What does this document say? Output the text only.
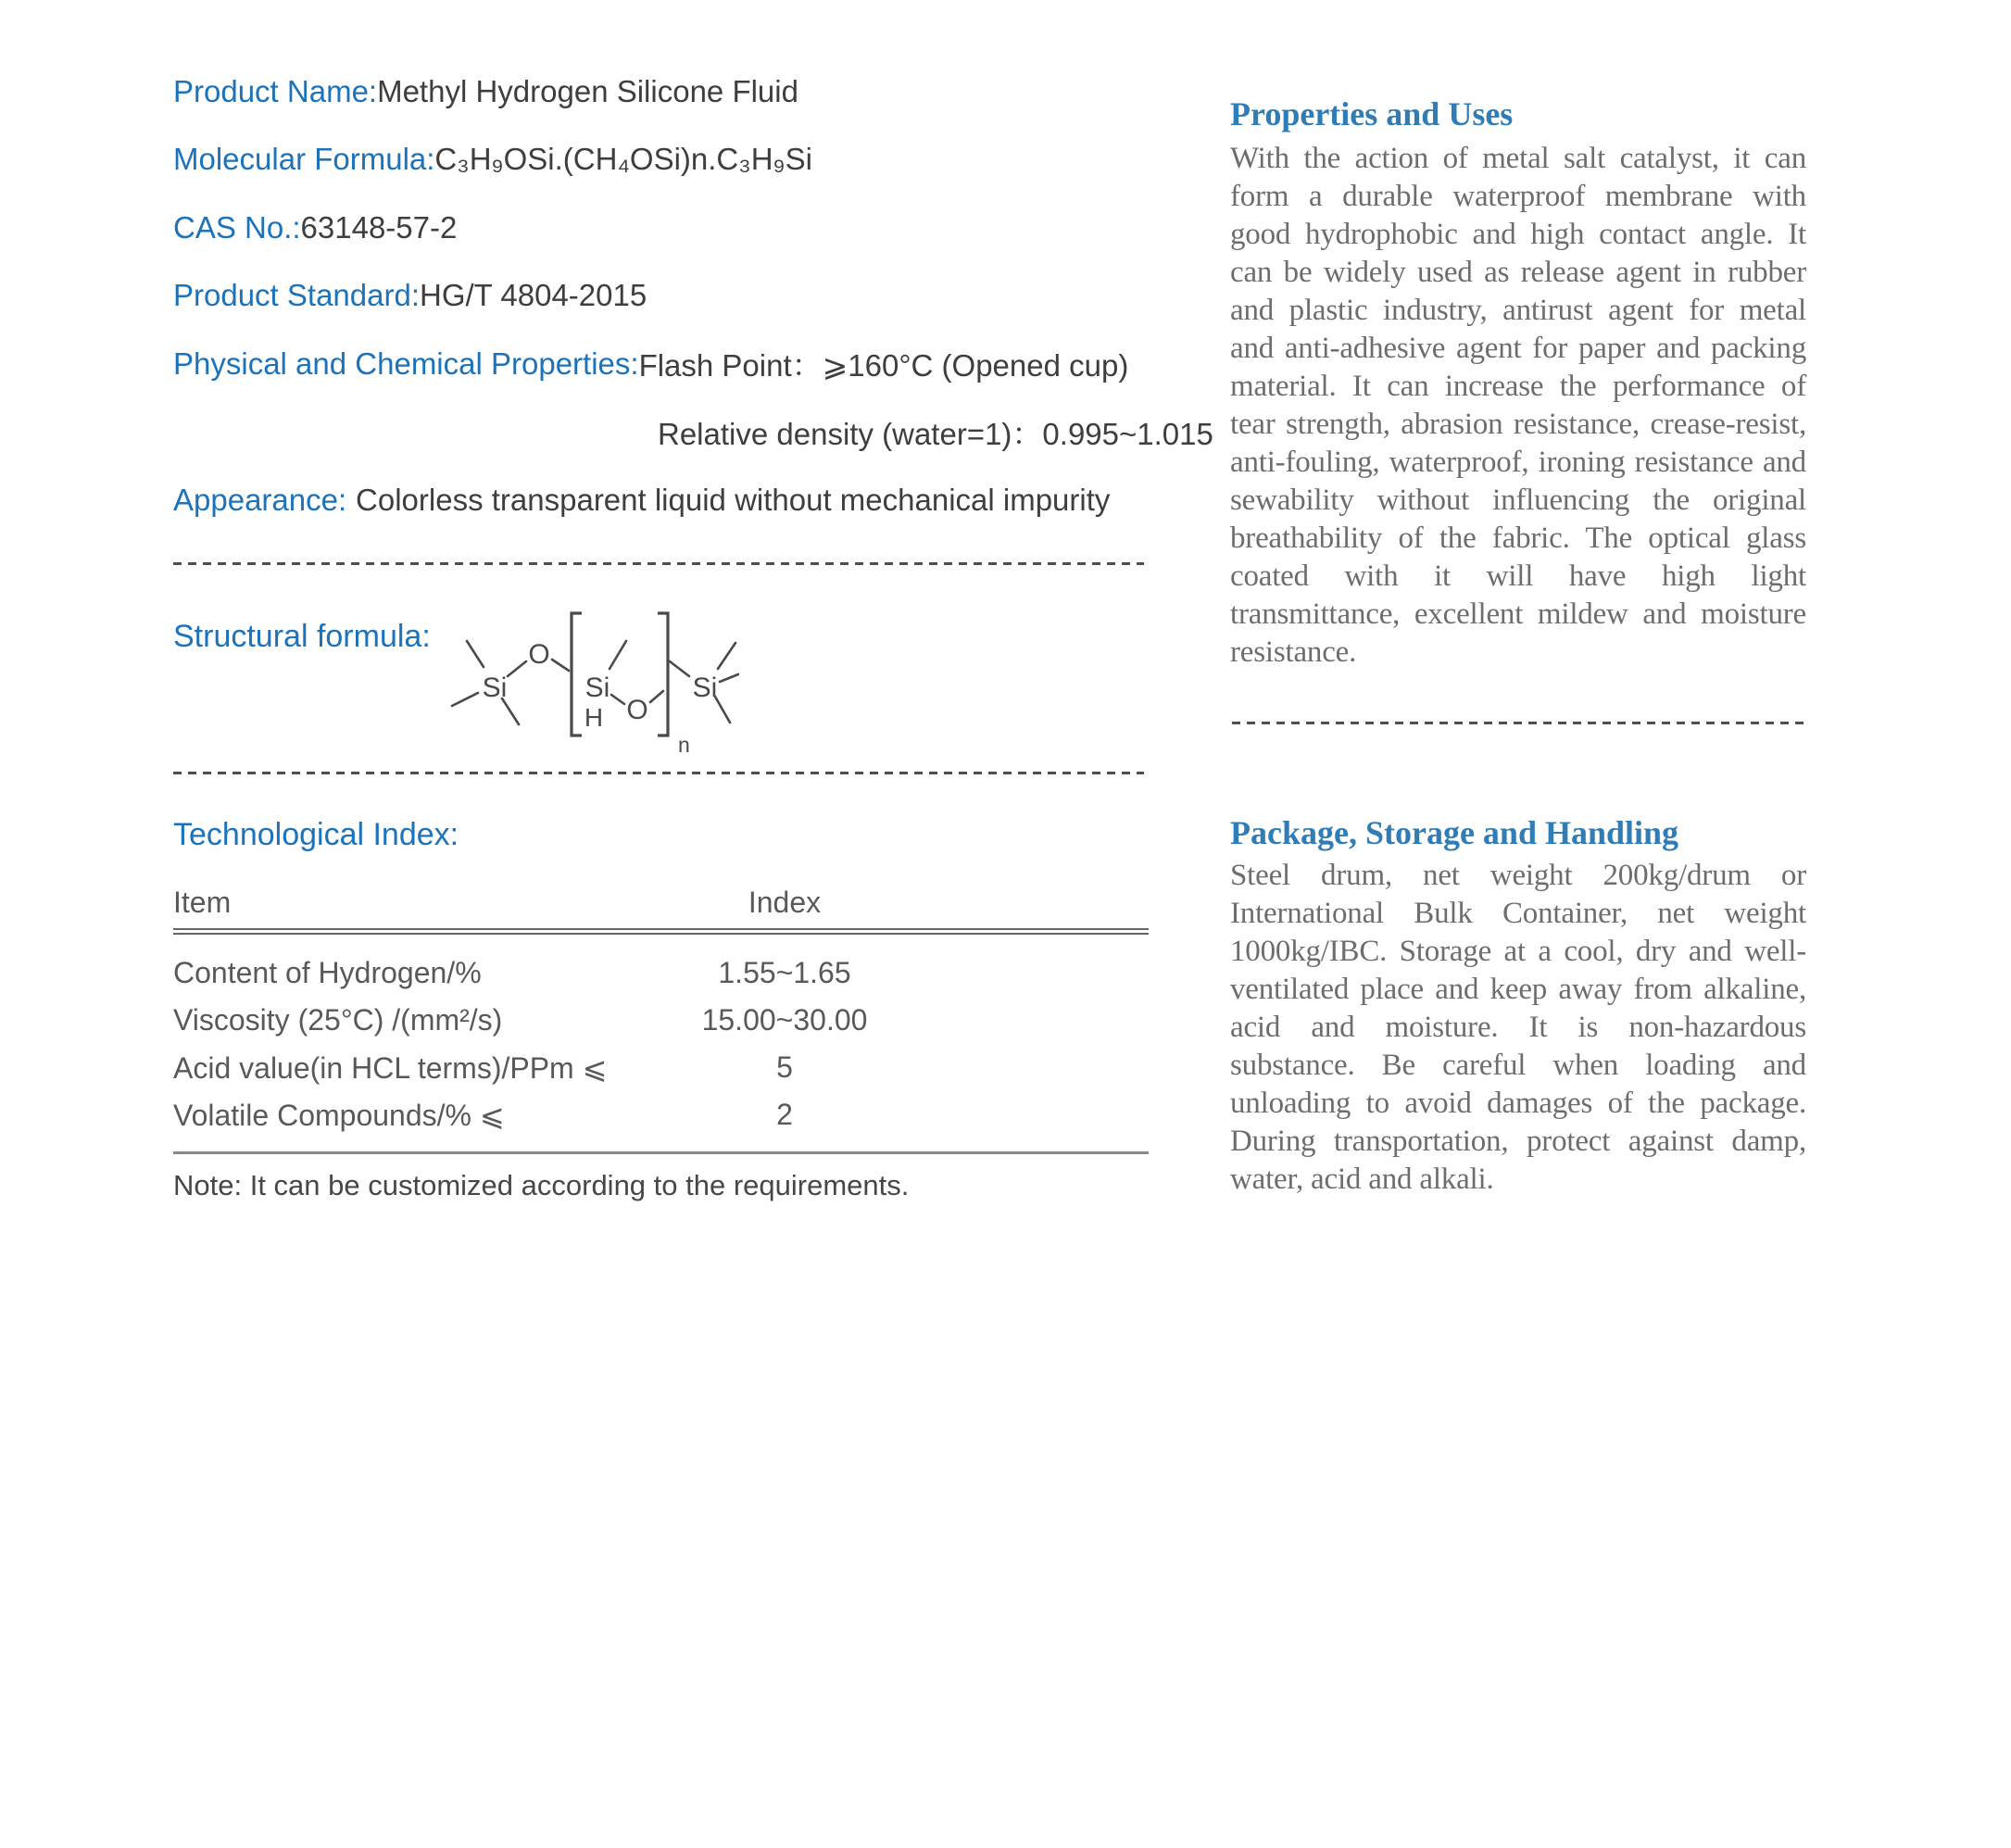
Product Name: Methyl Hydrogen Silicone Fluid
Molecular Formula: C₃H₉OSi.(CH₄OSi)n.C₃H₉Si
CAS No.: 63148-57-2
Product Standard: HG/T 4804-2015
Physical and Chemical Properties: Flash Point：⩾160°C (Opened cup)
Relative density (water=1)：0.995~1.015
Appearance: Colorless transparent liquid without mechanical impurity
Structural formula:
Si
O
Si
H O
n
Si
Technological Index:
Item	Index
Content of Hydrogen/%	1.55~1.65
Viscosity (25°C) /(mm²/s)	15.00~30.00
Acid value(in HCL terms)/PPm ⩽	5
Volatile Compounds/% ⩽	2
Note: It can be customized according to the requirements.
Properties and Uses

With the action of metal salt catalyst, it can form a durable waterproof membrane with good hydrophobic and high contact angle. It can be widely used as release agent in rubber and plastic industry, antirust agent for metal and anti-adhesive agent for paper and packing material. It can increase the performance of tear strength, abrasion resistance, crease-resist, anti-fouling, waterproof, ironing resistance and sewability without influencing the original breathability of the fabric. The optical glass coated with it will have high light transmittance, excellent mildew and moisture resistance.

Package, Storage and Handling

Steel drum, net weight 200kg/drum or International Bulk Container, net weight 1000kg/IBC. Storage at a cool, dry and well-ventilated place and keep away from alkaline, acid and moisture. It is non-hazardous substance. Be careful when loading and unloading to avoid damages of the package. During transportation, protect against damp, water, acid and alkali.
